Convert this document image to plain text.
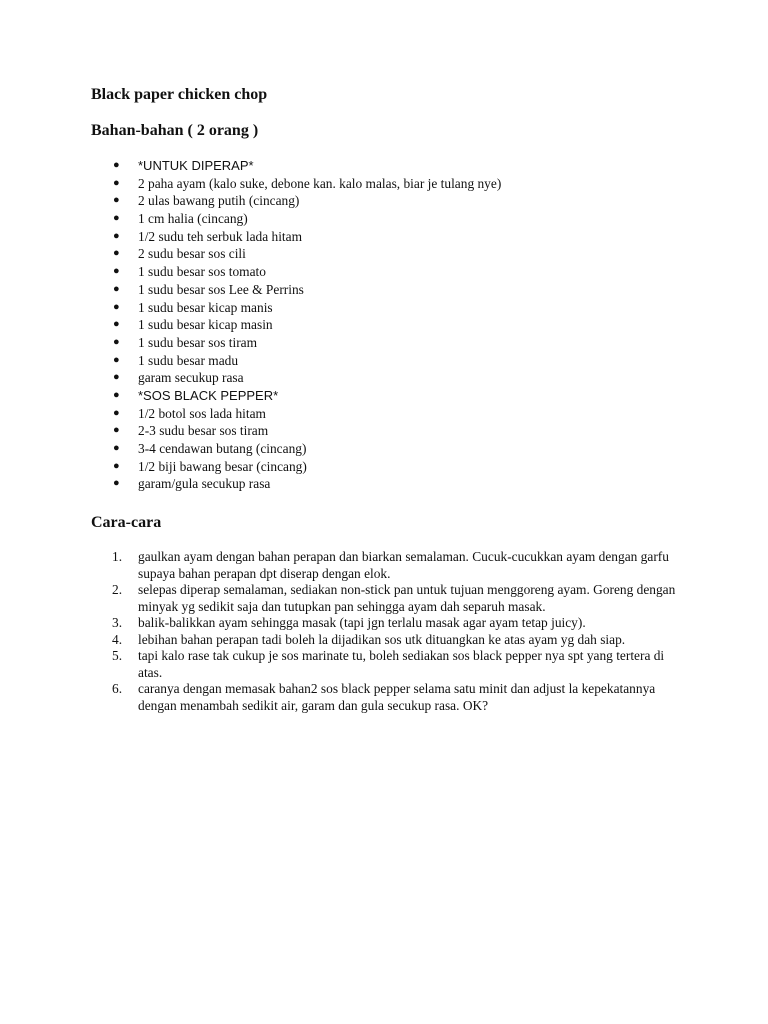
Black paper chicken chop
Bahan-bahan ( 2 orang )
● *UNTUK DIPERAP*
● 2 paha ayam (kalo suke, debone kan. kalo malas, biar je tulang nye)
● 2 ulas bawang putih (cincang)
● 1 cm halia (cincang)
● 1/2 sudu teh serbuk lada hitam
● 2 sudu besar sos cili
● 1 sudu besar sos tomato
● 1 sudu besar sos Lee & Perrins
● 1 sudu besar kicap manis
● 1 sudu besar kicap masin
● 1 sudu besar sos tiram
● 1 sudu besar madu
● garam secukup rasa
● *SOS BLACK PEPPER*
● 1/2 botol sos lada hitam
● 2-3 sudu besar sos tiram
● 3-4 cendawan butang (cincang)
● 1/2 biji bawang besar (cincang)
● garam/gula secukup rasa
Cara-cara
1. gaulkan ayam dengan bahan perapan dan biarkan semalaman. Cucuk-cucukkan ayam dengan garfu supaya bahan perapan dpt diserap dengan elok.
2. selepas diperap semalaman, sediakan non-stick pan untuk tujuan menggoreng ayam. Goreng dengan minyak yg sedikit saja dan tutupkan pan sehingga ayam dah separuh masak.
3. balik-balikkan ayam sehingga masak (tapi jgn terlalu masak agar ayam tetap juicy).
4. lebihan bahan perapan tadi boleh la dijadikan sos utk dituangkan ke atas ayam yg dah siap.
5. tapi kalo rase tak cukup je sos marinate tu, boleh sediakan sos black pepper nya spt yang tertera di atas.
6. caranya dengan memasak bahan2 sos black pepper selama satu minit dan adjust la kepekatannya dengan menambah sedikit air, garam dan gula secukup rasa. OK?
